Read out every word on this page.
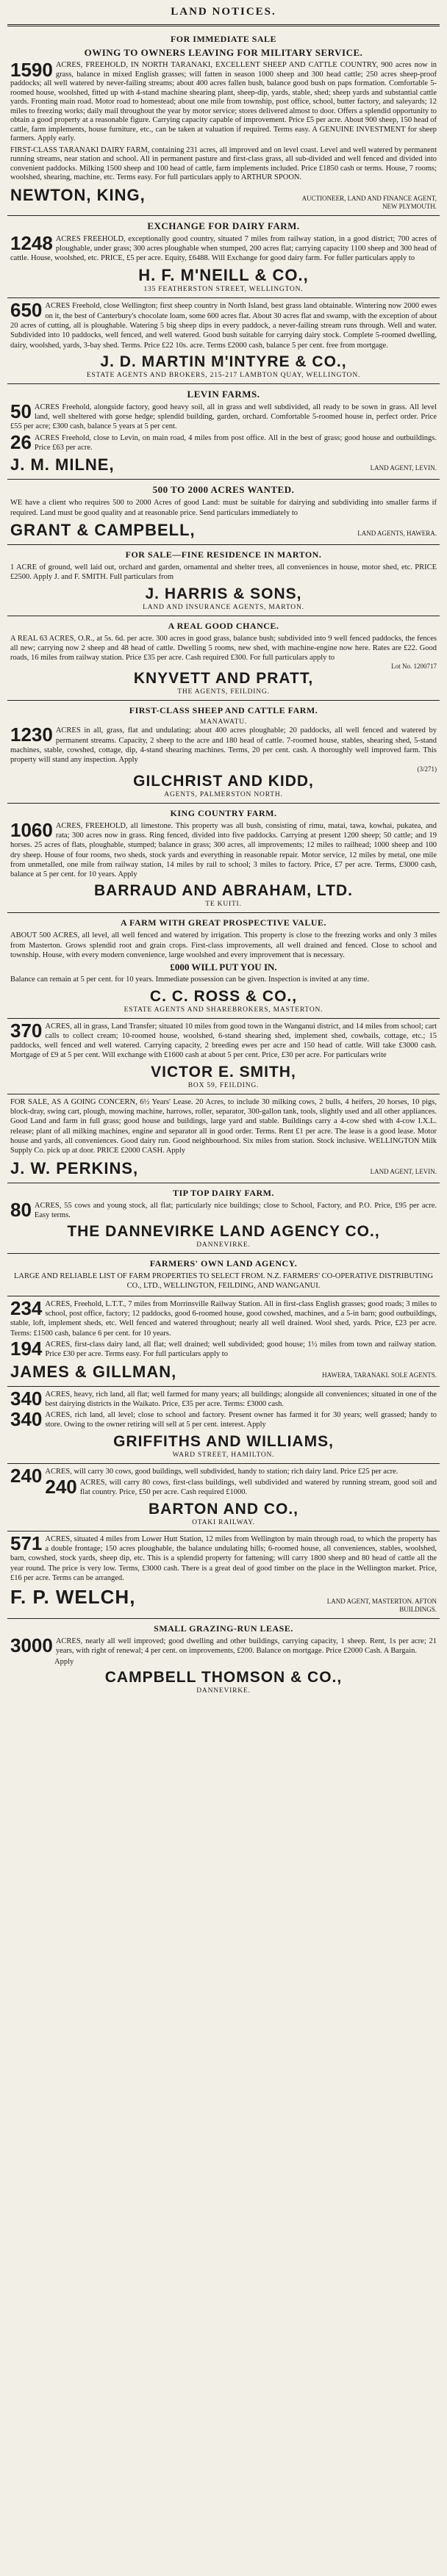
LAND NOTICES.
FOR IMMEDIATE SALE
OWING TO OWNERS LEAVING FOR MILITARY SERVICE.

1590 ACRES, FREEHOLD, IN NORTH TARANAKI, EXCELLENT SHEEP AND CATTLE COUNTRY, 900 acres now in grass, balance in mixed English grasses; will fatten in season 1000 sheep and 300 head cattle; 250 acres sheep-proof paddocks; all well watered by never-failing streams; about 400 acres fallen bush, balance good bush on paps formation. Comfortable 5-roomed house, woolshed, fitted up with 4-stand machine shearing plant, sheep-dip, yards, stable, shed; sheep yards and substantial cattle yards. Fronting main road. Motor road to homestead; about one mile from township, post office, school, butter factory, and saleyards; 12 miles to freezing works; daily mail throughout the year by motor service; stores delivered almost to door. Offers a splendid opportunity to obtain a good property at a reasonable figure. Carrying capacity capable of improvement. Price £5 per acre. About 900 sheep, 150 head of cattle, farm implements, house furniture, etc., can be taken at valuation if required. Terms easy. A GENUINE INVESTMENT for sheep farmers. Apply early.

FIRST-CLASS TARANAKI DAIRY FARM, containing 231 acres, all improved and on level coast. Level and well watered by permanent running streams, near station and school. All in permanent pasture and first-class grass, all sub-divided and well fenced and divided into convenient paddocks. Milking 1500 sheep and 100 head of cattle, farm implements included. Price £1850 cash or terms. House, 7 rooms; woolshed, shearing, machine, etc. Terms easy. For full particulars apply to ARTHUR SPOON.

NEWTON, KING,	AUCTIONEER, LAND AND FINANCE AGENT, NEW PLYMOUTH.
EXCHANGE FOR DAIRY FARM.

1248 ACRES FREEHOLD, exceptionally good country, situated 7 miles from railway station, in a good district; 700 acres of ploughable, under grass; 300 acres ploughable when stumped, 200 acres flat; carrying capacity 1100 sheep and 300 head of cattle. House, woolshed, etc. PRICE, £5 per acre. Equity, £6488. Will Exchange for good dairy farm. For fuller particulars apply to

H. F. M'NEILL & CO.,
135 FEATHERSTON STREET, WELLINGTON.

650 ACRES Freehold, close Wellington; first sheep country in North Island, best grass land obtainable. Wintering now 2000 ewes on it, the best of Canterbury's chocolate loam, some 600 acres flat. About 30 acres flat and swamp, with the exception of about 20 acres of cutting, all is ploughable. Watering 5 big sheep dips in every paddock, a never-failing stream runs through. Well and water. Subdivided into 10 paddocks, well fenced, and well watered. Good bush suitable for carrying dairy stock. Complete 5-roomed dwelling, dairy, woolshed, yards, 3-bay shed. Terms. Price £22 10s. acre. Terms £2000 cash, balance 5 per cent. free from mortgage.

J. D. MARTIN M'INTYRE & CO.,
ESTATE AGENTS AND BROKERS, 215-217 LAMBTON QUAY, WELLINGTON.
LEVIN FARMS.

50 ACRES Freehold, alongside factory, good heavy soil, all in grass and well subdivided, all ready to be sown in grass. All level land, well sheltered with gorse hedge; splendid building, garden, orchard. Comfortable 5-roomed house in, perfect order. Price £55 per acre; £300 cash, balance 5 years at 5 per cent.

26 ACRES Freehold, close to Levin, on main road, 4 miles from post office. All in the best of grass; good house and outbuildings. Price £63 per acre.

J. M. MILNE,	LAND AGENT, LEVIN.
500 TO 2000 ACRES WANTED.

WE have a client who requires 500 to 2000 Acres of good Land: must be suitable for dairying and subdividing into smaller farms if required. Land must be good quality and at reasonable price. Send particulars immediately to

GRANT & CAMPBELL,	LAND AGENTS, HAWERA.
FOR SALE—FINE RESIDENCE IN MARTON.

1 ACRE of ground, well laid out, orchard and garden, ornamental and shelter trees, all conveniences in house, motor shed, etc. PRICE £2500. Apply J. and F. SMITH. Full particulars from

J. HARRIS & SONS,
LAND AND INSURANCE AGENTS, MARTON.
A REAL GOOD CHANCE.

A REAL 63 ACRES, O.R., at 5s. 6d. per acre. 300 acres in good grass, balance bush; subdivided into 9 well fenced paddocks, the fences all new; carrying now 2 sheep and 48 head of cattle. Dwelling 5 rooms, new shed, with machine-engine now here. Rates are £22. Good roads, 16 miles from railway station. Price £35 per acre. Cash required £300. For full particulars apply to

Lot No. 1200717
KNYVETT AND PRATT,
THE AGENTS, FEILDING.
FIRST-CLASS SHEEP AND CATTLE FARM.
MANAWATU.

1230 ACRES in all, grass, flat and undulating; about 400 acres ploughable; 20 paddocks, all well fenced and watered by permanent streams. Capacity, 2 sheep to the acre and 180 head of cattle. 7-roomed house, stables, shearing shed, 5-stand machines, stable, cowshed, cottage, dip, 4-stand shearing machines. Terms, 20 per cent. cash. A thoroughly well improved farm. This property will stand any inspection. Apply

(3/271)
GILCHRIST AND KIDD,
AGENTS, PALMERSTON NORTH.
KING COUNTRY FARM.

1060 ACRES, FREEHOLD, all limestone. This property was all bush, consisting of rimu, matai, tawa, kowhai, pukatea, and rata; 300 acres now in grass. Ring fenced, divided into five paddocks. Carrying at present 1200 sheep; 50 cattle; and 19 horses. 25 acres of flats, ploughable, stumped; balance in grass; 300 acres, all improvements; 12 miles to railhead; 1000 sheep and 100 dry sheep. House of four rooms, two sheds, stock yards and everything in reasonable repair. Motor service, 12 miles by metal, one mile from unmetalled, one mile from railway station, 14 miles by rail to school; 3 miles to factory. Price, £7 per acre. Terms, £3000 cash, balance at 5 per cent. for 10 years. Apply

BARRAUD AND ABRAHAM, LTD.
TE KUITI.
A FARM WITH GREAT PROSPECTIVE VALUE.

ABOUT 500 ACRES, all level, all well fenced and watered by irrigation. This property is close to the freezing works and only 3 miles from Masterton. Grows splendid root and grain crops. First-class improvements, all well drained and fenced. Close to school and township. House, with every modern convenience, large woolshed and every improvement that is necessary.

£000 WILL PUT YOU IN.

Balance can remain at 5 per cent. for 10 years. Immediate possession can be given. Inspection is invited at any time.

C. C. ROSS & CO.,
ESTATE AGENTS AND SHAREBROKERS, MASTERTON.

370 ACRES, all in grass, Land Transfer; situated 10 miles from good town in the Wanganui district, and 14 miles from school; cart calls to collect cream; 10-roomed house, woolshed, 6-stand shearing shed, implement shed, cowbails, cottage, etc.; 15 paddocks, well fenced and well watered. Carrying capacity, 2 breeding ewes per acre and 150 head of cattle. Will take £3000 cash. Mortgage of £9 at 5 per cent. Will exchange with £1600 cash at about 5 per cent. Price, £30 per acre. For particulars write

VICTOR E. SMITH,
BOX 59, FEILDING.

FOR SALE, AS A GOING CONCERN, 6½ Years' Lease. 20 Acres, to include 30 milking cows, 2 bulls, 4 heifers, 20 horses, 10 pigs, block-dray, swing cart, plough, mowing machine, harrows, roller, separator, 300-gallon tank, tools, slightly used and all other appliances. Good Land and farm in full grass; good house and buildings, large yard and stable. Buildings carry a 4-cow shed with 4-cow I.X.L. release; plant of all milking machines, engine and separator all in good order. Terms. Rent £1 per acre. The lease is a good lease. Motor house and yards, all conveniences. Good dairy run. Good neighbourhood. Six miles from station. Stock inclusive. WELLINGTON Milk Supply Co. pick up at door. PRICE £2000 CASH. Apply

J. W. PERKINS,	LAND AGENT, LEVIN.
TIP TOP DAIRY FARM.

80 ACRES, 55 cows and young stock, all flat; particularly nice buildings; close to School, Factory, and P.O. Price, £95 per acre. Easy terms.

THE DANNEVIRKE LAND AGENCY CO.,
DANNEVIRKE.
FARMERS' OWN LAND AGENCY.

LARGE AND RELIABLE LIST OF FARM PROPERTIES TO SELECT FROM. N.Z. FARMERS' CO-OPERATIVE DISTRIBUTING CO., LTD., WELLINGTON, FEILDING, AND WANGANUI.

234 ACRES, Freehold, L.T.T., 7 miles from Morrinsville Railway Station. All in first-class English grasses; good roads; 3 miles to school, post office, factory; 12 paddocks, good 6-roomed house, good cowshed, machines, and a 5-in barn; good outbuildings, stable, loft, implement sheds, etc. Well fenced and watered throughout; nearly all well drained. Wool shed, yards. Price, £23 per acre. Terms: £1500 cash, balance 6 per cent. for 10 years.

194 ACRES, first-class dairy land, all flat; well drained; well subdivided; good house; 1½ miles from town and railway station. Price £30 per acre. Terms easy. For full particulars apply to

JAMES & GILLMAN,	HAWERA, TARANAKI. SOLE AGENTS.

340 ACRES, heavy, rich land, all flat; well farmed for many years; all buildings; alongside all conveniences; situated in one of the best dairying districts in the Waikato. Price, £35 per acre. Terms: £3000 cash.

340 ACRES, rich land, all level; close to school and factory. Present owner has farmed it for 30 years; well grassed; handy to store. Owing to the owner retiring will sell at 5 per cent. interest. Apply

GRIFFITHS AND WILLIAMS,
WARD STREET, HAMILTON.

240 ACRES, will carry 30 cows, good buildings, well subdivided, handy to station; rich dairy land. Price £25 per acre.

240 ACRES, will carry 80 cows, first-class buildings, well subdivided and watered by running stream, good soil and flat country. Price, £50 per acre. Cash required £1000.

BARTON AND CO.,
OTAKI RAILWAY.

571 ACRES, situated 4 miles from Lower Hutt Station, 12 miles from Wellington by main through road, to which the property has a double frontage; 150 acres ploughable, the balance undulating hills; 6-roomed house, all conveniences, stables, woolshed, barn, cowshed, stock yards, sheep dip, etc. This is a splendid property for fattening; will carry 1800 sheep and 80 head of cattle all the year round. The price is very low. Terms, £3000 cash. There is a great deal of good timber on the place in the Wellington market. Price, £16 per acre. Terms can be arranged.

F. P. WELCH,	LAND AGENT, MASTERTON. AFTON BUILDINGS.
SMALL GRAZING-RUN LEASE.

3000 ACRES, nearly all well improved; good dwelling and other buildings, carrying capacity, 1 sheep. Rent, 1s per acre; 21 years, with right of renewal; 4 per cent. on improvements, £200. Balance on mortgage. Price £2000 Cash. A Bargain.

Apply
CAMPBELL THOMSON & CO.,
DANNEVIRKE.
